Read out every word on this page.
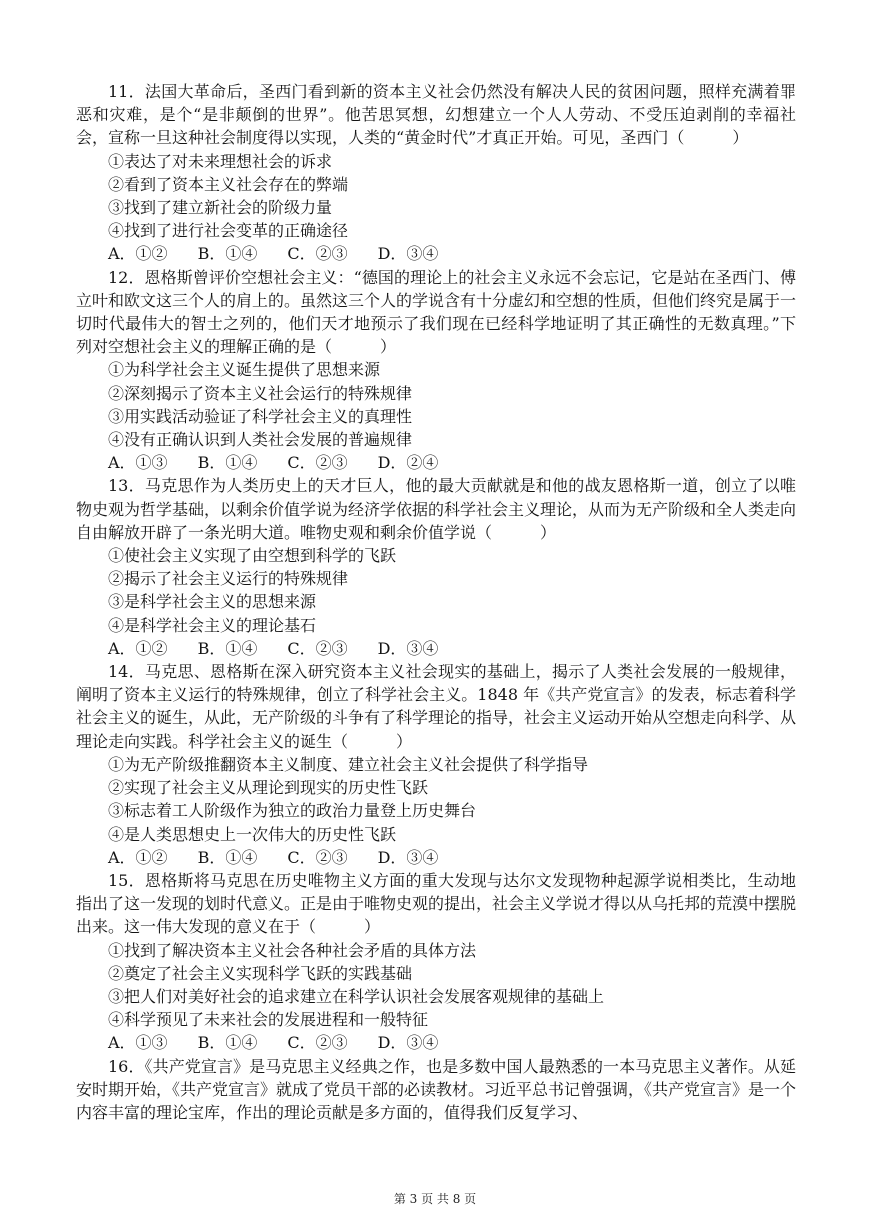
11．法国大革命后，圣西门看到新的资本主义社会仍然没有解决人民的贫困问题，照样充满着罪恶和灾难，是个“是非颠倒的世界”。他苦思冥想，幻想建立一个人人劳动、不受压迫剥削的幸福社会，宣称一旦这种社会制度得以实现，人类的“黄金时代”才真正开始。可见，圣西门（　　　）

①表达了对未来理想社会的诉求
②看到了资本主义社会存在的弊端
③找到了建立新社会的阶级力量
④找到了进行社会变革的正确途径
A．①② B．①④ C．②③ D．③④

12．恩格斯曾评价空想社会主义：“德国的理论上的社会主义永远不会忘记，它是站在圣西门、傅立叶和欧文这三个人的肩上的。虽然这三个人的学说含有十分虚幻和空想的性质，但他们终究是属于一切时代最伟大的智士之列的，他们天才地预示了我们现在已经科学地证明了其正确性的无数真理。”下列对空想社会主义的理解正确的是（　　　）

①为科学社会主义诞生提供了思想来源
②深刻揭示了资本主义社会运行的特殊规律
③用实践活动验证了科学社会主义的真理性
④没有正确认识到人类社会发展的普遍规律
A．①③ B．①④ C．②③ D．②④

13．马克思作为人类历史上的天才巨人，他的最大贡献就是和他的战友恩格斯一道，创立了以唯物史观为哲学基础，以剩余价值学说为经济学依据的科学社会主义理论，从而为无产阶级和全人类走向自由解放开辟了一条光明大道。唯物史观和剩余价值学说（　　　）

①使社会主义实现了由空想到科学的飞跃
②揭示了社会主义运行的特殊规律
③是科学社会主义的思想来源
④是科学社会主义的理论基石
A．①② B．①④ C．②③ D．③④

14．马克思、恩格斯在深入研究资本主义社会现实的基础上，揭示了人类社会发展的一般规律，阐明了资本主义运行的特殊规律，创立了科学社会主义。1848 年《共产党宣言》的发表，标志着科学社会主义的诞生，从此，无产阶级的斗争有了科学理论的指导，社会主义运动开始从空想走向科学、从理论走向实践。科学社会主义的诞生（　　　）

①为无产阶级推翻资本主义制度、建立社会主义社会提供了科学指导
②实现了社会主义从理论到现实的历史性飞跃
③标志着工人阶级作为独立的政治力量登上历史舞台
④是人类思想史上一次伟大的历史性飞跃
A．①② B．①④ C．②③ D．③④

15．恩格斯将马克思在历史唯物主义方面的重大发现与达尔文发现物种起源学说相类比，生动地指出了这一发现的划时代意义。正是由于唯物史观的提出，社会主义学说才得以从乌托邦的荒漠中摆脱出来。这一伟大发现的意义在于（　　　）

①找到了解决资本主义社会各种社会矛盾的具体方法
②奠定了社会主义实现科学飞跃的实践基础
③把人们对美好社会的追求建立在科学认识社会发展客观规律的基础上
④科学预见了未来社会的发展进程和一般特征
A．①③ B．①④ C．②③ D．③④

16．《共产党宣言》是马克思主义经典之作，也是多数中国人最熟悉的一本马克思主义著作。从延安时期开始，《共产党宣言》就成了党员干部的必读教材。习近平总书记曾强调，《共产党宣言》是一个内容丰富的理论宝库，作出的理论贡献是多方面的，值得我们反复学习、

第 3 页 共 8 页
